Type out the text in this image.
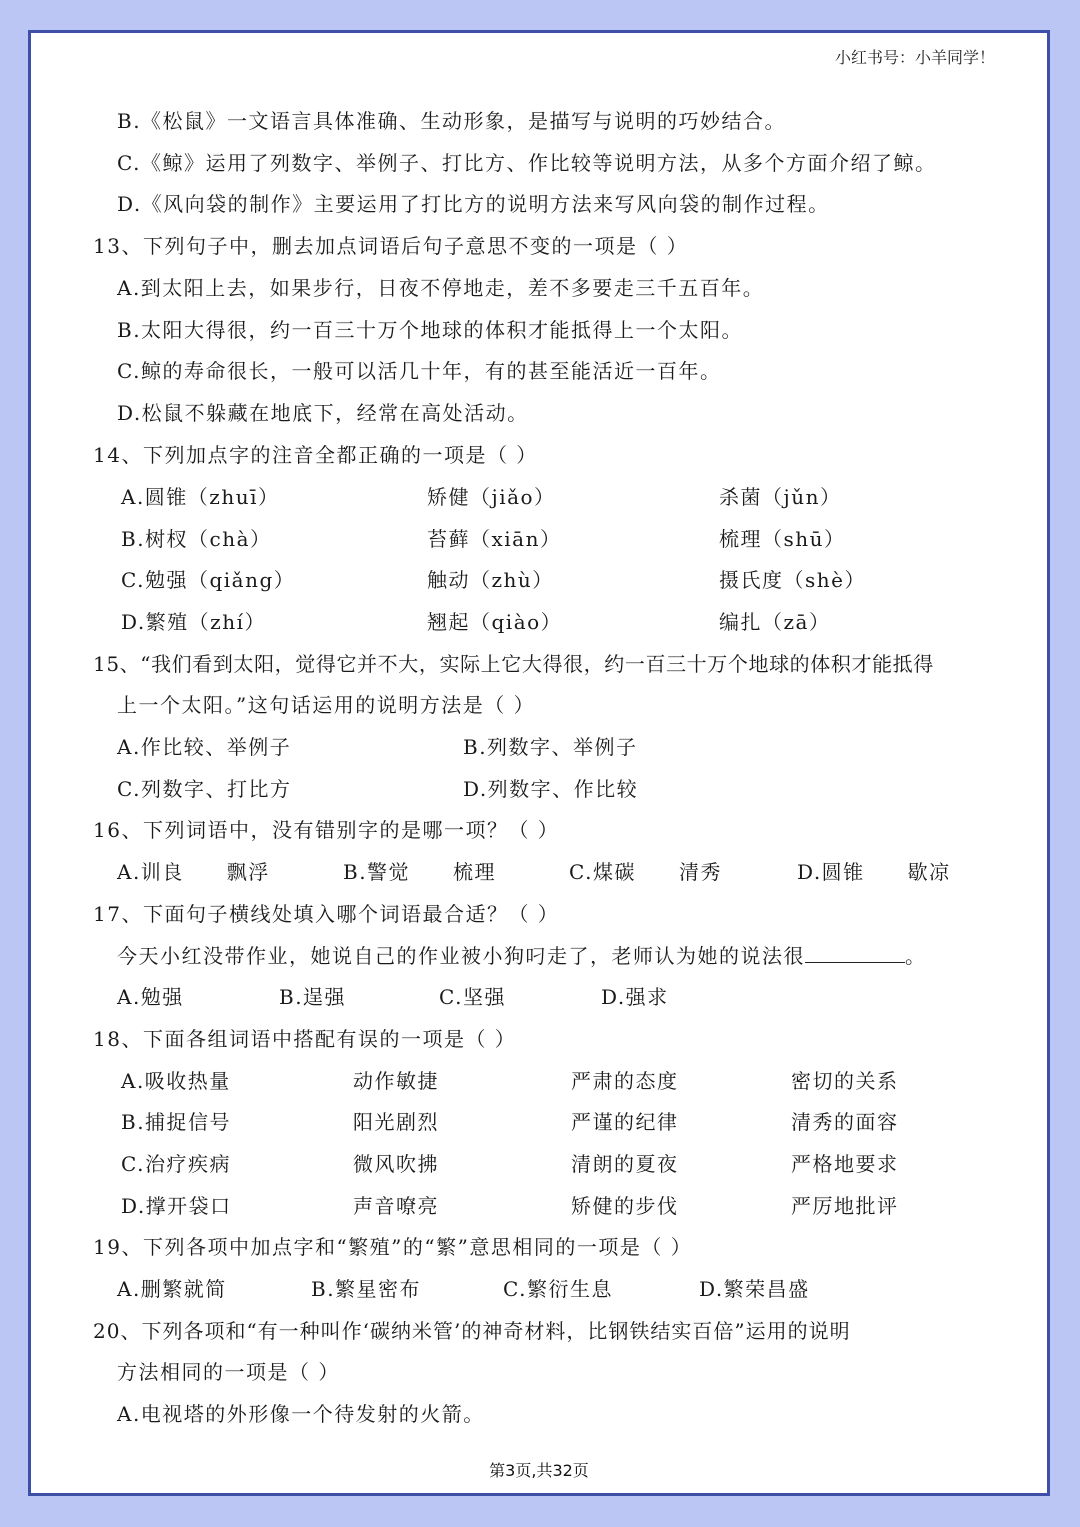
小红书号：小羊同学！
B.《松鼠》一文语言具体准确、生动形象，是描写与说明的巧妙结合。
C.《鲸》运用了列数字、举例子、打比方、作比较等说明方法，从多个方面介绍了鲸。
D.《风向袋的制作》主要运用了打比方的说明方法来写风向袋的制作过程。
13、下列句子中，删去加点词语后句子意思不变的一项是（ ）
A.到太阳上去，如果步行，日夜不停地走，差不多要走三千五百年。
B.太阳大得很，约一百三十万个地球的体积才能抵得上一个太阳。
C.鲸的寿命很长，一般可以活几十年，有的甚至能活近一百年。
D.松鼠不躲藏在地底下，经常在高处活动。
14、下列加点字的注音全都正确的一项是（ ）
A.圆锥（zhuī）	矫健（jiǎo）	杀菌（jǔn）
B.树杈（chà）	苔藓（xiān）	梳理（shū）
C.勉强（qiǎng）	触动（zhù）	摄氏度（shè）
D.繁殖（zhí）	翘起（qiào）	编扎（zā）
15、“我们看到太阳，觉得它并不大，实际上它大得很，约一百三十万个地球的体积才能抵得
上一个太阳。”这句话运用的说明方法是（ ）
A.作比较、举例子	B.列数字、举例子
C.列数字、打比方	D.列数字、作比较
16、下列词语中，没有错别字的是哪一项？（ ）
A.训良　　飘浮	B.警觉　　梳理	C.煤碳　　清秀	D.圆锥　　歇凉
17、下面句子横线处填入哪个词语最合适？（ ）
今天小红没带作业，她说自己的作业被小狗叼走了，老师认为她的说法很	。
A.勉强	B.逞强	C.坚强	D.强求
18、下面各组词语中搭配有误的一项是（ ）
A.吸收热量	动作敏捷	严肃的态度	密切的关系
B.捕捉信号	阳光剧烈	严谨的纪律	清秀的面容
C.治疗疾病	微风吹拂	清朗的夏夜	严格地要求
D.撑开袋口	声音嘹亮	矫健的步伐	严厉地批评
19、下列各项中加点字和“繁殖”的“繁”意思相同的一项是（ ）
A.删繁就简	B.繁星密布	C.繁衍生息	D.繁荣昌盛
20、下列各项和“有一种叫作‘碳纳米管’的神奇材料，比钢铁结实百倍”运用的说明
方法相同的一项是（ ）
A.电视塔的外形像一个待发射的火箭。
第3页,共32页
